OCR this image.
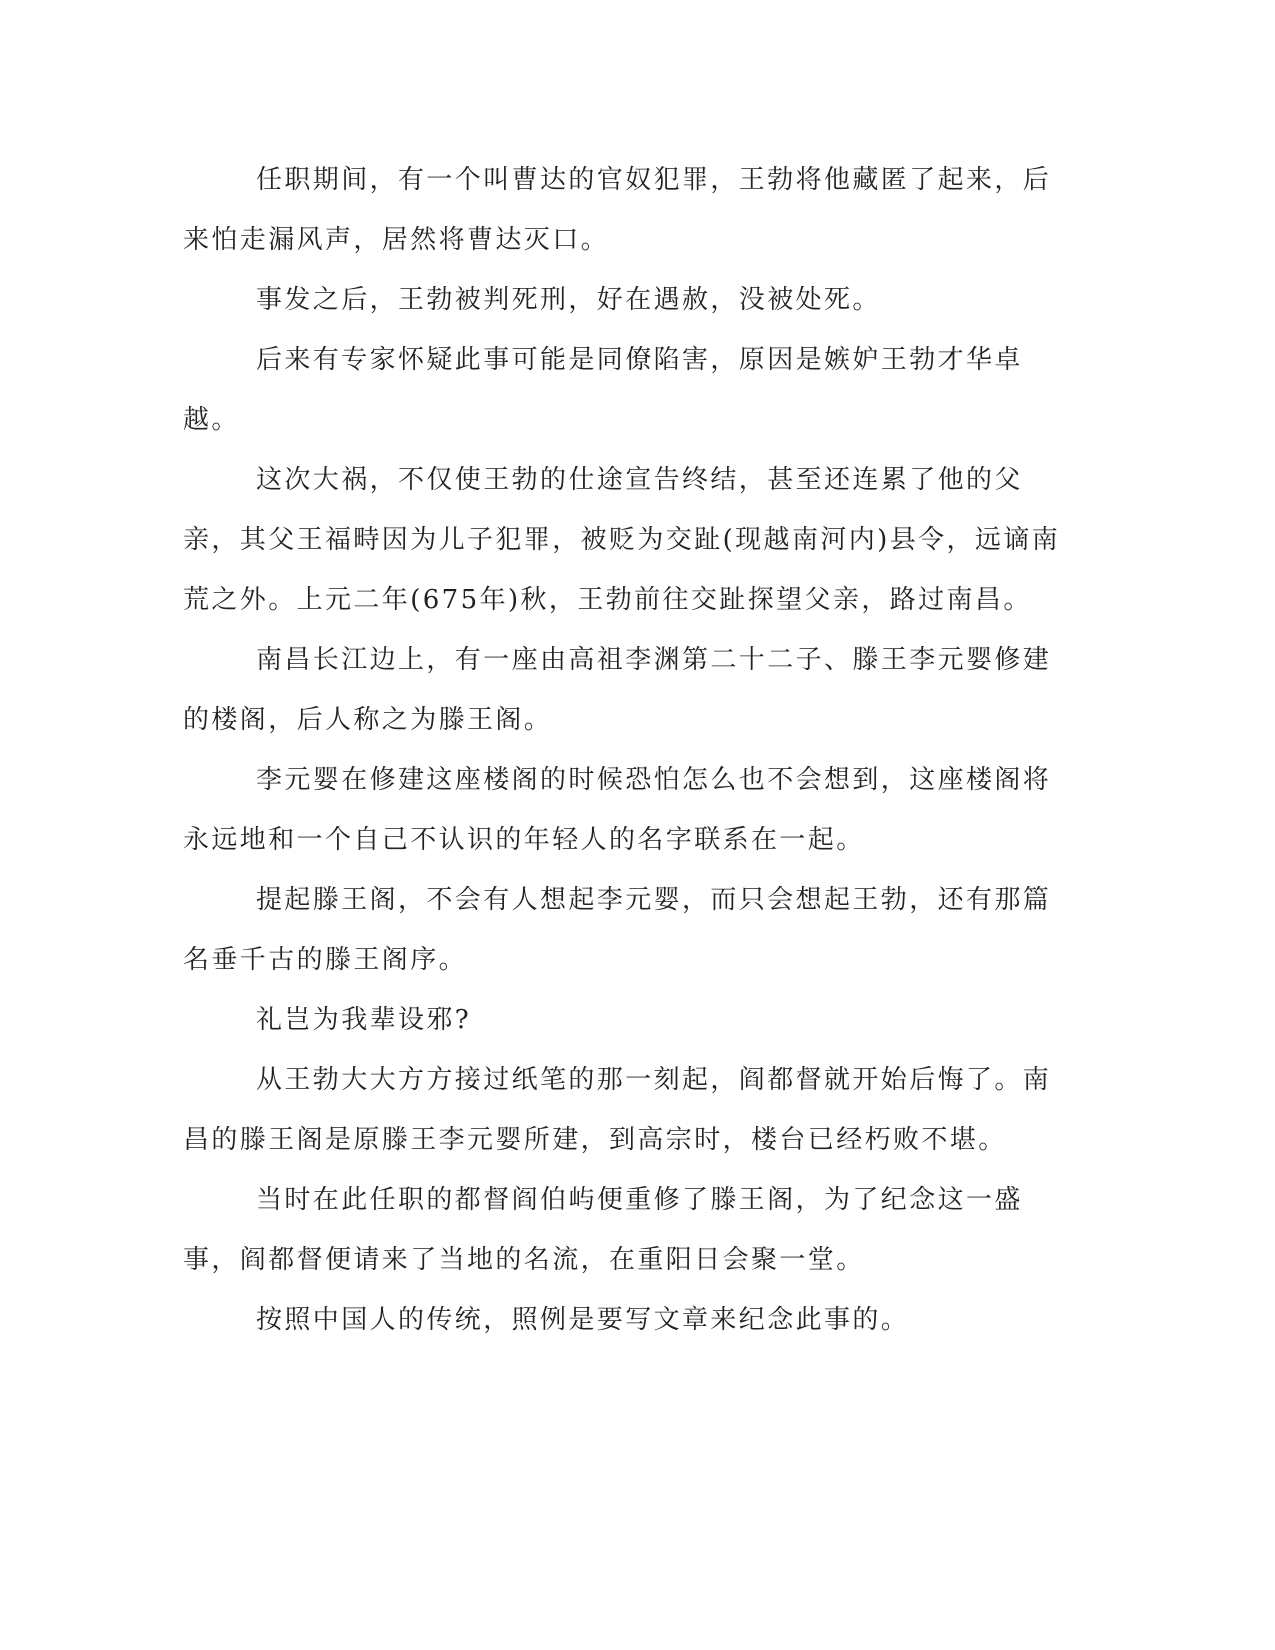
任职期间，有一个叫曹达的官奴犯罪，王勃将他藏匿了起来，后来怕走漏风声，居然将曹达灭口。

事发之后，王勃被判死刑，好在遇赦，没被处死。

后来有专家怀疑此事可能是同僚陷害，原因是嫉妒王勃才华卓越。

这次大祸，不仅使王勃的仕途宣告终结，甚至还连累了他的父亲，其父王福畤因为儿子犯罪，被贬为交趾(现越南河内)县令，远谪南荒之外。上元二年(675年)秋，王勃前往交趾探望父亲，路过南昌。

南昌长江边上，有一座由高祖李渊第二十二子、滕王李元婴修建的楼阁，后人称之为滕王阁。

李元婴在修建这座楼阁的时候恐怕怎么也不会想到，这座楼阁将永远地和一个自己不认识的年轻人的名字联系在一起。

提起滕王阁，不会有人想起李元婴，而只会想起王勃，还有那篇名垂千古的滕王阁序。

礼岂为我辈设邪?

从王勃大大方方接过纸笔的那一刻起，阎都督就开始后悔了。南昌的滕王阁是原滕王李元婴所建，到高宗时，楼台已经朽败不堪。

当时在此任职的都督阎伯屿便重修了滕王阁，为了纪念这一盛事，阎都督便请来了当地的名流，在重阳日会聚一堂。

按照中国人的传统，照例是要写文章来纪念此事的。
